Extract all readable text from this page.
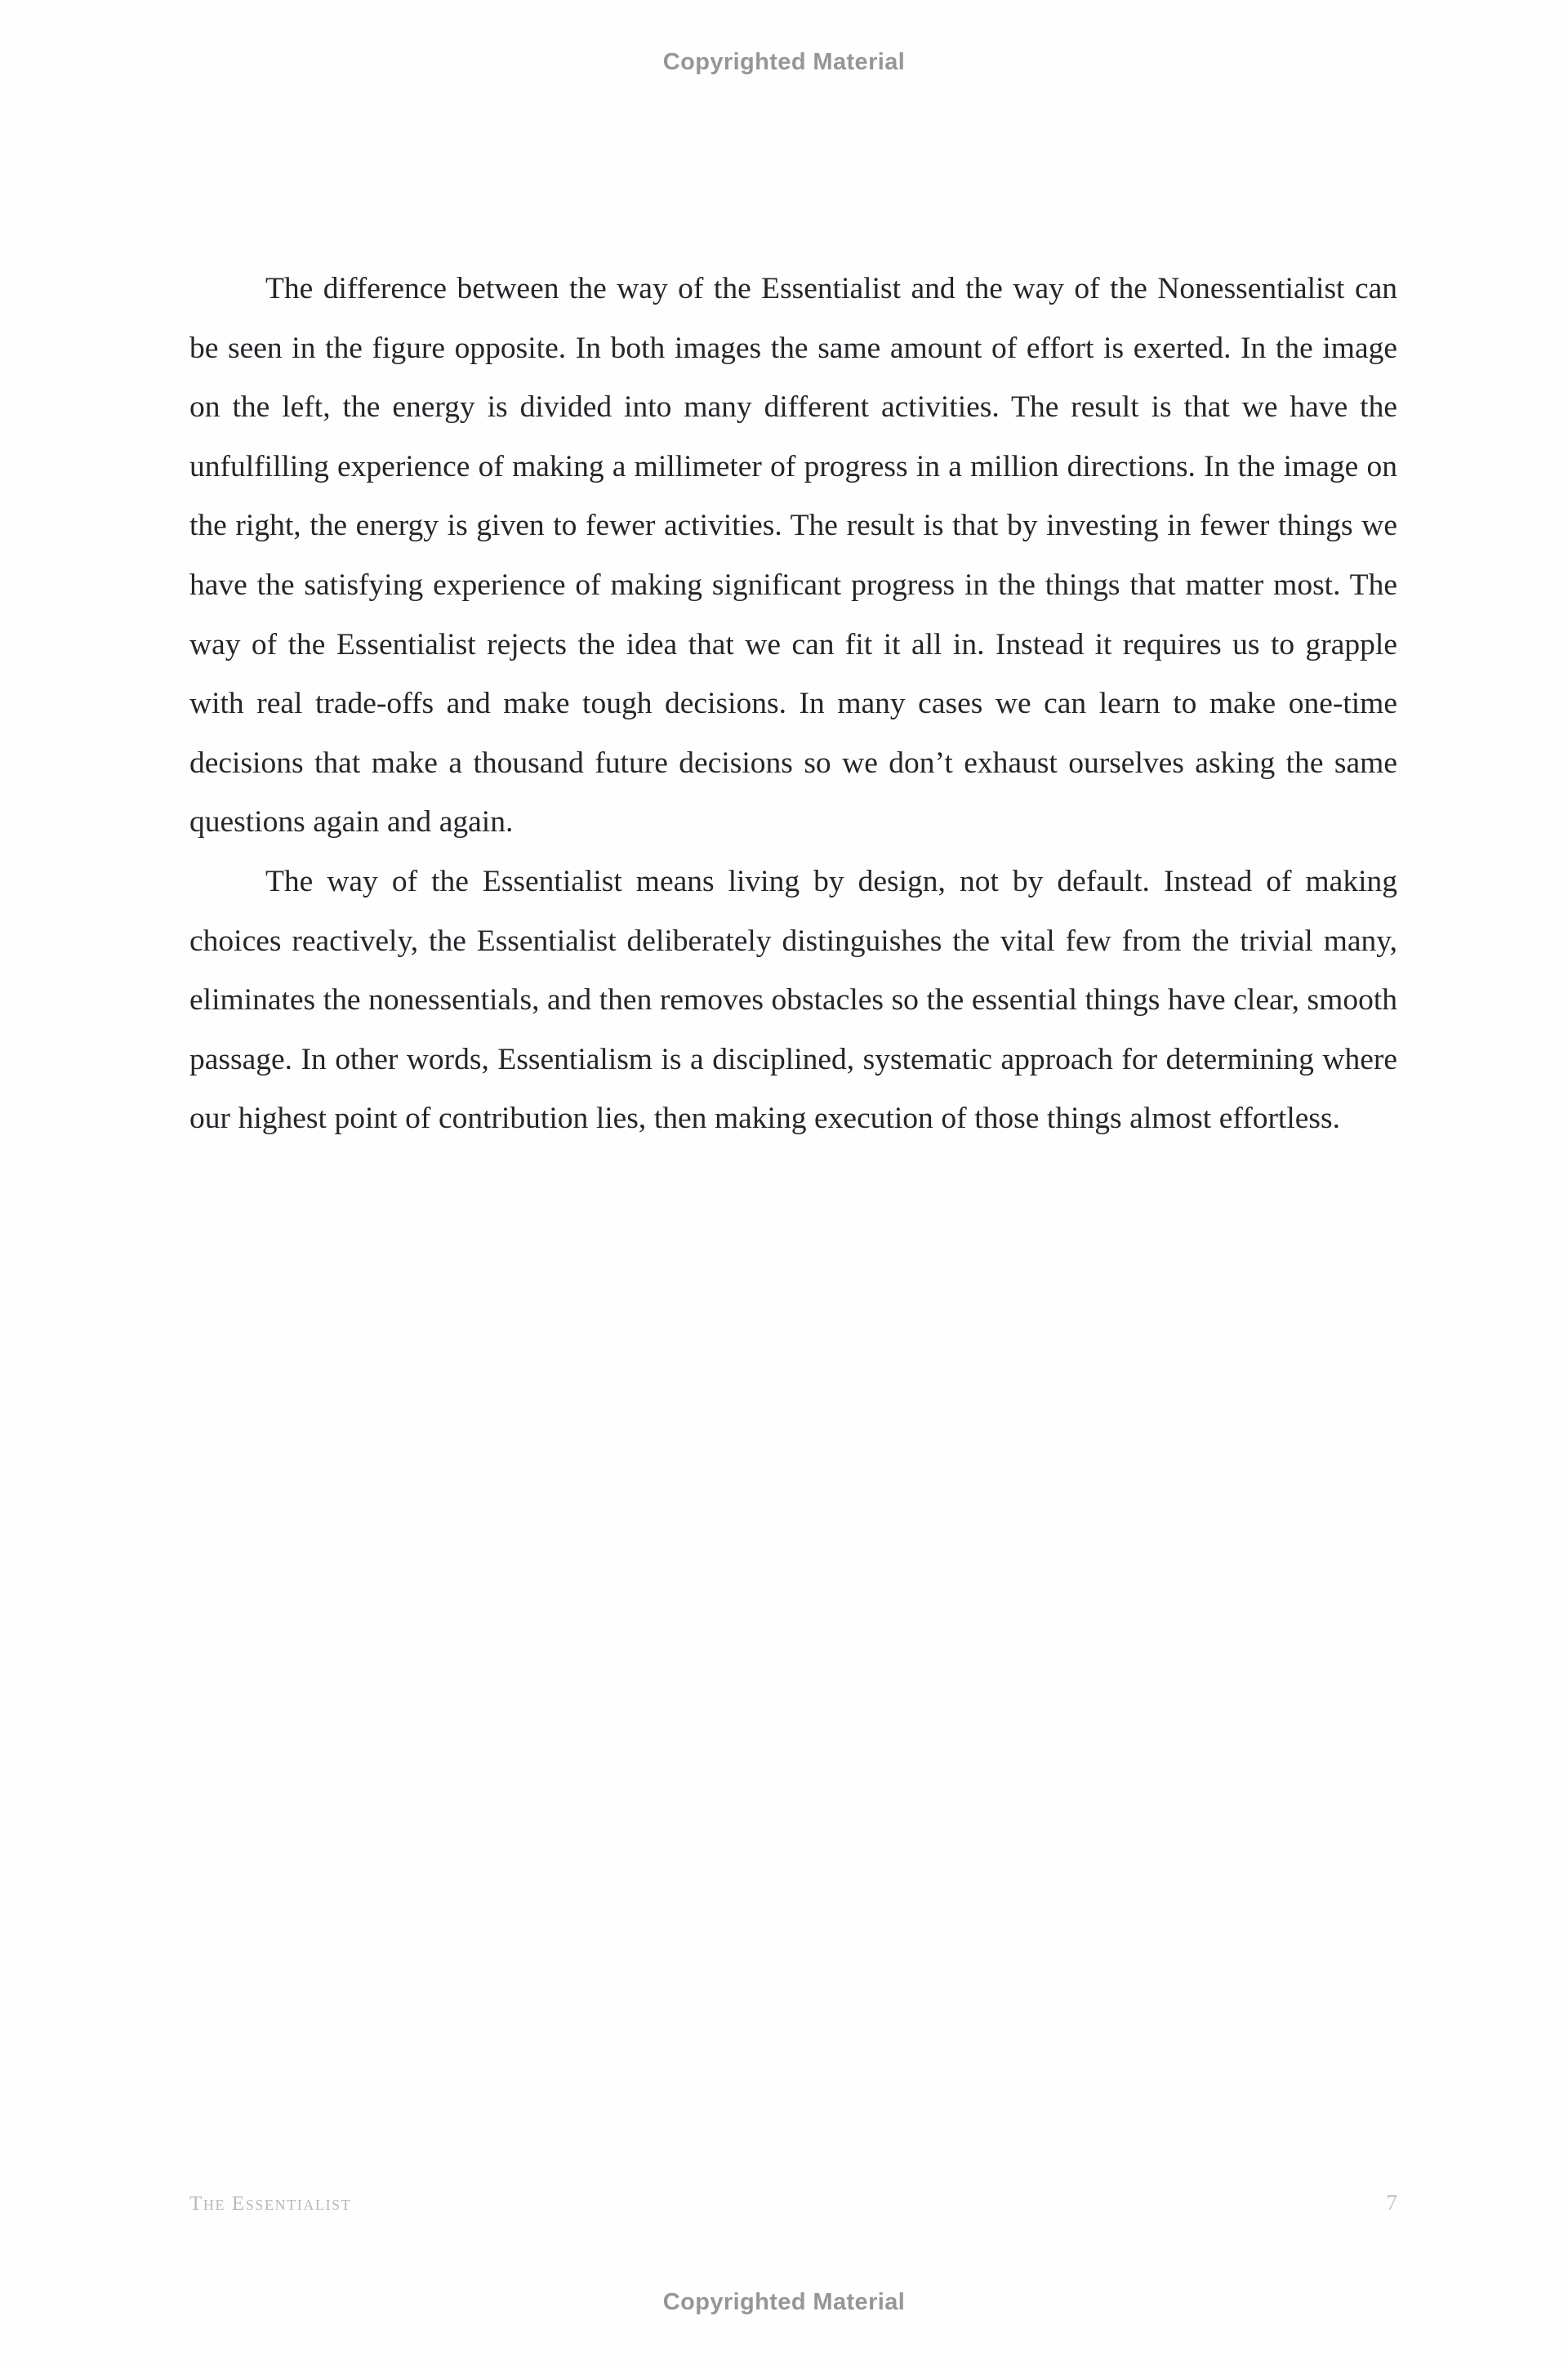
Copyrighted Material

The difference between the way of the Essentialist and the way of the Nonessentialist can be seen in the figure opposite. In both images the same amount of effort is exerted. In the image on the left, the energy is divided into many different activities. The result is that we have the unfulfilling experience of making a millimeter of progress in a million directions. In the image on the right, the energy is given to fewer activities. The result is that by investing in fewer things we have the satisfying experience of making significant progress in the things that matter most. The way of the Essentialist rejects the idea that we can fit it all in. Instead it requires us to grapple with real trade-offs and make tough decisions. In many cases we can learn to make one-time decisions that make a thousand future decisions so we don’t exhaust ourselves asking the same questions again and again.

The way of the Essentialist means living by design, not by default. Instead of making choices reactively, the Essentialist deliberately distinguishes the vital few from the trivial many, eliminates the nonessentials, and then removes obstacles so the essential things have clear, smooth passage. In other words, Essentialism is a disciplined, systematic approach for determining where our highest point of contribution lies, then making execution of those things almost effortless.

The Essentialist	7
Copyrighted Material
